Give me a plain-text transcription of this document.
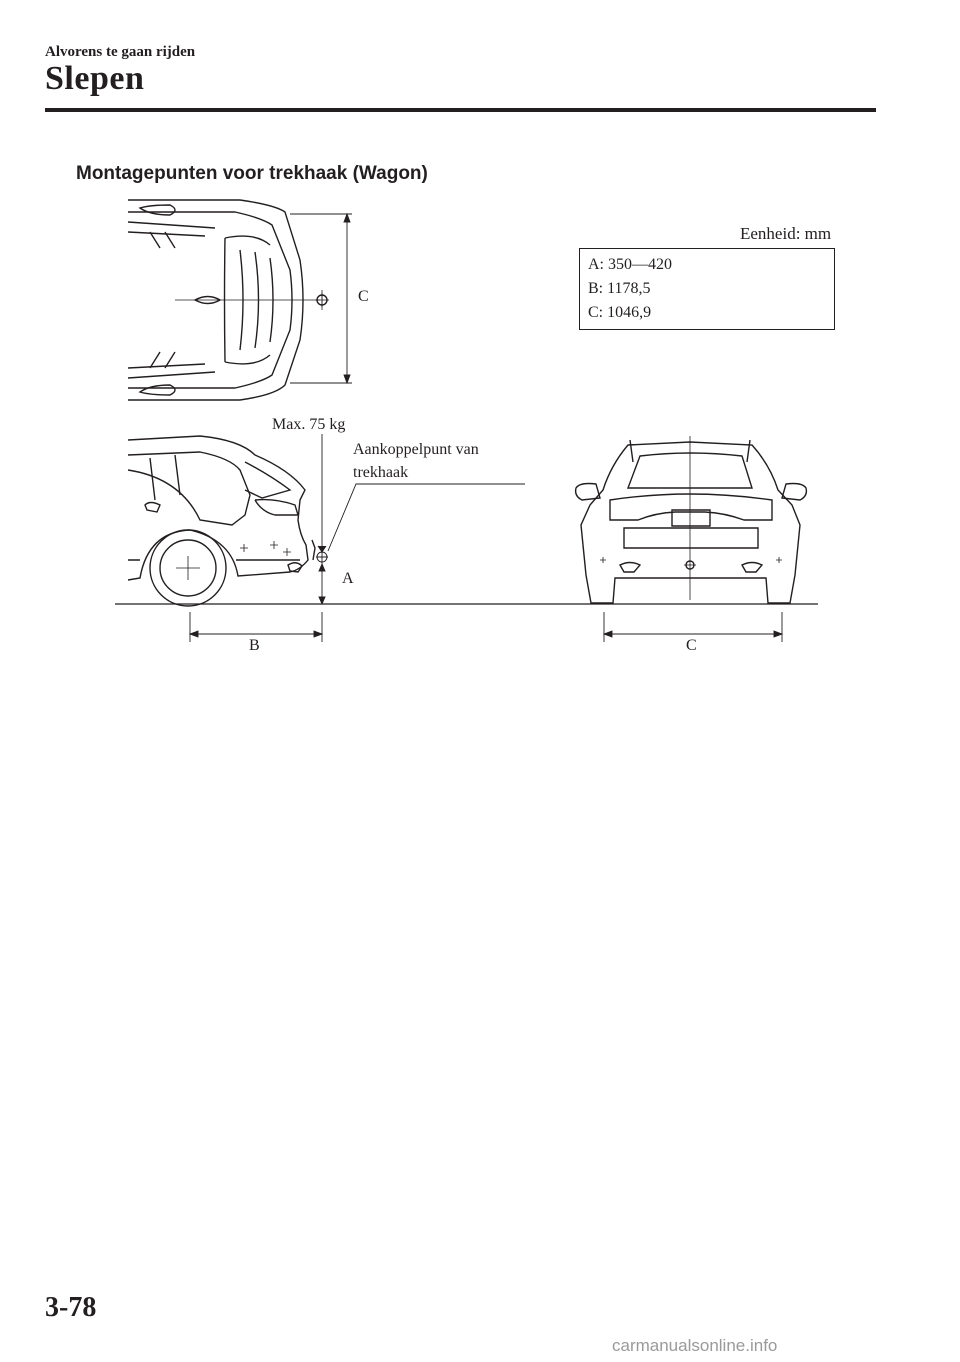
Alvorens te gaan rijden
Slepen
Montagepunten voor trekhaak (Wagon)
Eenheid: mm
A: 350—420
B: 1178,5
C: 1046,9
C
Max. 75 kg
Aankoppelpunt van
trekhaak
A
B	C
3-78
carmanualsonline.info
